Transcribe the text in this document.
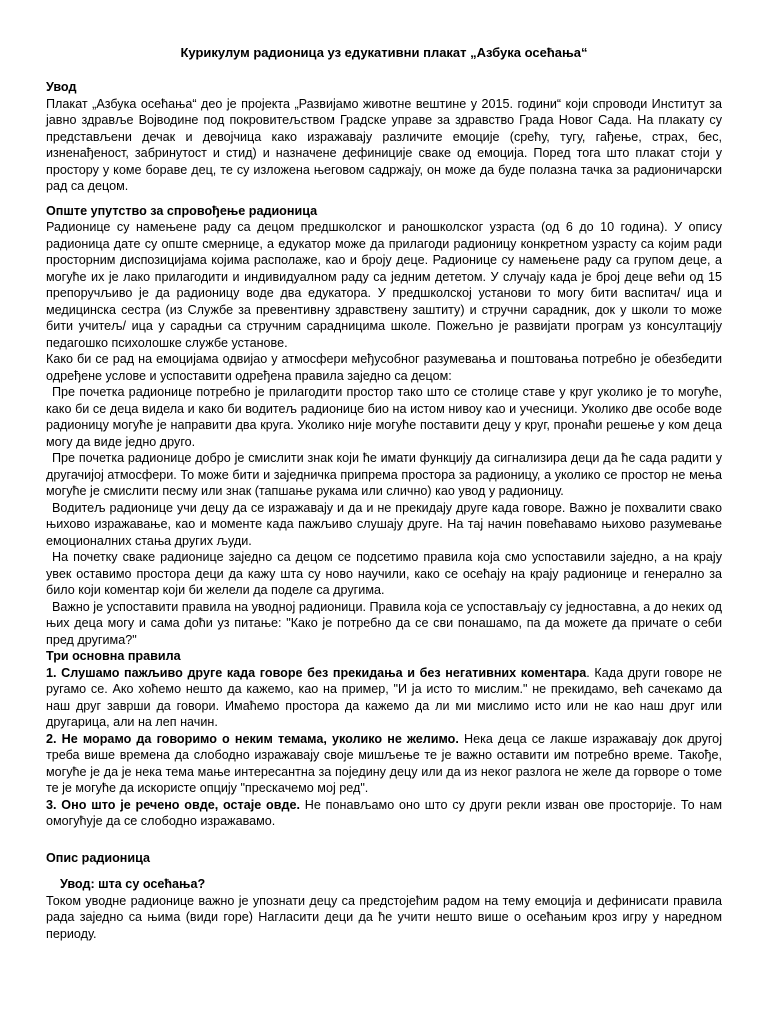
Курикулум радионица уз едукативни плакат „Азбука осећања“
Увод

Плакат „Азбука осећања“ део је пројекта „Развијамо животне вештине у 2015. години“ који спроводи Институт за јавно здравље Војводине под покровитељством Градске управе за здравство Града Новог Сада. На плакату су представљени дечак и девојчица како изражавају различите емоције (срећу, тугу, гађење, страх, бес, изненађеност, забринутост и стид) и назначене дефиниције сваке од емоција. Поред тога што плакат стоји у простору у коме бораве дец, те су изложена његовом садржају, он може да буде полазна тачка за радионичарски рад са децом.

Опште упутство за спровођење радионица

Радионице су намењене раду са децом предшколског и раношколског узраста (од 6 до 10 година). У опису радионица дате су опште смернице, а едукатор може да прилагоди радионицу конкретном узрасту са којим ради просторним диспозицијама којима располаже, као и броју деце. Радионице су намењене раду са групом деце, а могуће их је лако прилагодити и индивидуалном раду са једним дететом. У случају када је број деце већи од 15 препоручљиво је да радионицу воде два едукатора. У предшколској установи то могу бити васпитач/ ица и медицинска сестра (из Службе за превентивну здравствену заштиту) и стручни сарадник, док у школи то може бити учитељ/ ица у сарадњи са стручним сарадницима школе. Пожељно је развијати програм уз консултацију педагошко психолошке службе установе.

Како би се рад на емоцијама одвијао у атмосфери међусобног разумевања и поштовања потребно је обезбедити одређене услове и успоставити одређена правила заједно са децом:

Пре почетка радионице потребно је прилагодити простор тако што се столице ставе у круг уколико је то могуће, како би се деца видела и како би водитељ радионице био на истом нивоу као и учесници. Уколико две особе воде радионицу могуће је направити два круга. Уколико није могуће поставити децу у круг, пронаћи решење у ком деца могу да виде једно друго.

Пре почетка радионице добро је смислити знак који ће имати функцију да сигнализира деци да ће сада радити у другачијој атмосфери. То може бити и заједничка припрема простора за радионицу, а уколико се простор не мења могуће је смислити песму или знак (тапшање рукама или слично) као увод у радионицу.

Водитељ радионице учи децу да се изражавају и да и не прекидају друге када говоре. Важно је похвалити свако њихово изражавање, као и моменте када пажљиво слушају друге. На тај начин повећавамо њихово разумевање емоционалних стања других људи.

На почетку сваке радионице заједно са децом се подсетимо правила која смо успоставили заједно, а на крају увек оставимо простора деци да кажу шта су ново научили, како се осећају на крају радионице и генерално за било који коментар који би желели да поделе са другима.

Важно је успоставити правила на уводној радионици. Правила која се успостављају су једноставна, а до неких од њих деца могу и сама доћи уз питање: "Како је потребно да се сви понашамо, па да можете да причате о себи пред другима?"

Три основна правила

1. Слушамо пажљиво друге када говоре без прекидања и без негативних коментара. Када други говоре не ругамо се. Ако хоћемо нешто да кажемо, као на пример, "И ја исто то мислим." не прекидамо, већ сачекамо да наш друг заврши да говори. Имаћемо простора да кажемо да ли ми мислимо исто или не као наш друг или другарица, али на леп начин.

2. Не морамо да говоримо о неким темама, уколико не желимо. Нека деца се лакше изражавају док другој треба више времена да слободно изражавају своје мишљење те је важно оставити им потребно време. Такође, могуће је да је нека тема мање интересантна за поједину децу или да из неког разлога не желе да горворе о томе те је могуће да искористе опцију "прескачемо мој ред".

3. Оно што је речено овде, остаје овде. Не понављамо оно што су други рекли изван ове просторије. То нам омогућује да се слободно изражавамо.

Опис радионица
Увод: шта су осећања?

Током уводне радионице важно је упознати децу са предстојећим радом на тему емоција и дефинисати правила рада заједно са њима (види горе) Нагласити деци да ће учити нешто више о осећањим кроз игру у наредном периоду.
